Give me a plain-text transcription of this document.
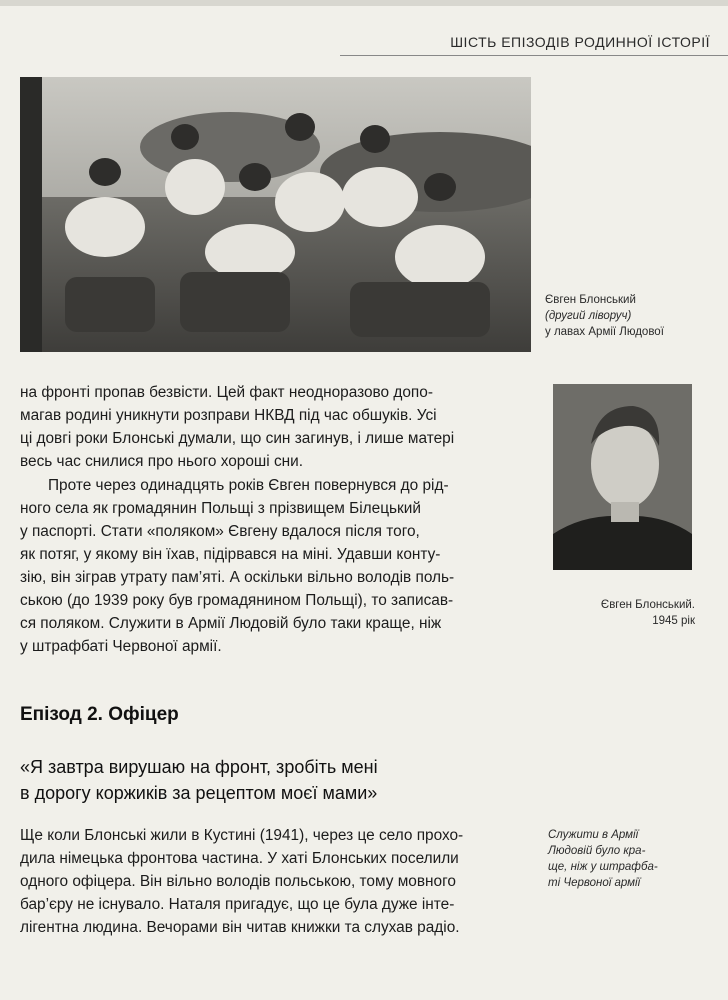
ШІСТЬ ЕПІЗОДІВ РОДИННОЇ ІСТОРІЇ
Євген Блонський
(другий ліворуч)
у лавах Армії Людової
Євген Блонський.
1945 рік
на фронті пропав безвісти. Цей факт неодноразово допо-
магав родині уникнути розправи НКВД під час обшуків. Усі
ці довгі роки Блонські думали, що син загинув, і лише матері
весь час снилися про нього хороші сни.
Проте через одинадцять років Євген повернувся до рід-
ного села як громадянин Польщі з прізвищем Білецький
у паспорті. Стати «поляком» Євгену вдалося після того,
як потяг, у якому він їхав, підірвався на міні. Удавши конту-
зію, він зіграв утрату пам’яті. А оскільки вільно володів поль-
ською (до 1939 року був громадянином Польщі), то записав-
ся поляком. Служити в Армії Людовій було таки краще, ніж
у штрафбаті Червоної армії.
Епізод 2. Офіцер
«Я завтра вирушаю на фронт, зробіть мені
в дорогу коржиків за рецептом моєї мами»
Ще коли Блонські жили в Кустині (1941), через це село прохо-
дила німецька фронтова частина. У хаті Блонських поселили
одного офіцера. Він вільно володів польською, тому мовного
бар’єру не існувало. Наталя пригадує, що це була дуже інте-
лігентна людина. Вечорами він читав книжки та слухав радіо.
Служити в Армії
Людовій було кра-
ще, ніж у штрафба-
ті Червоної армії
